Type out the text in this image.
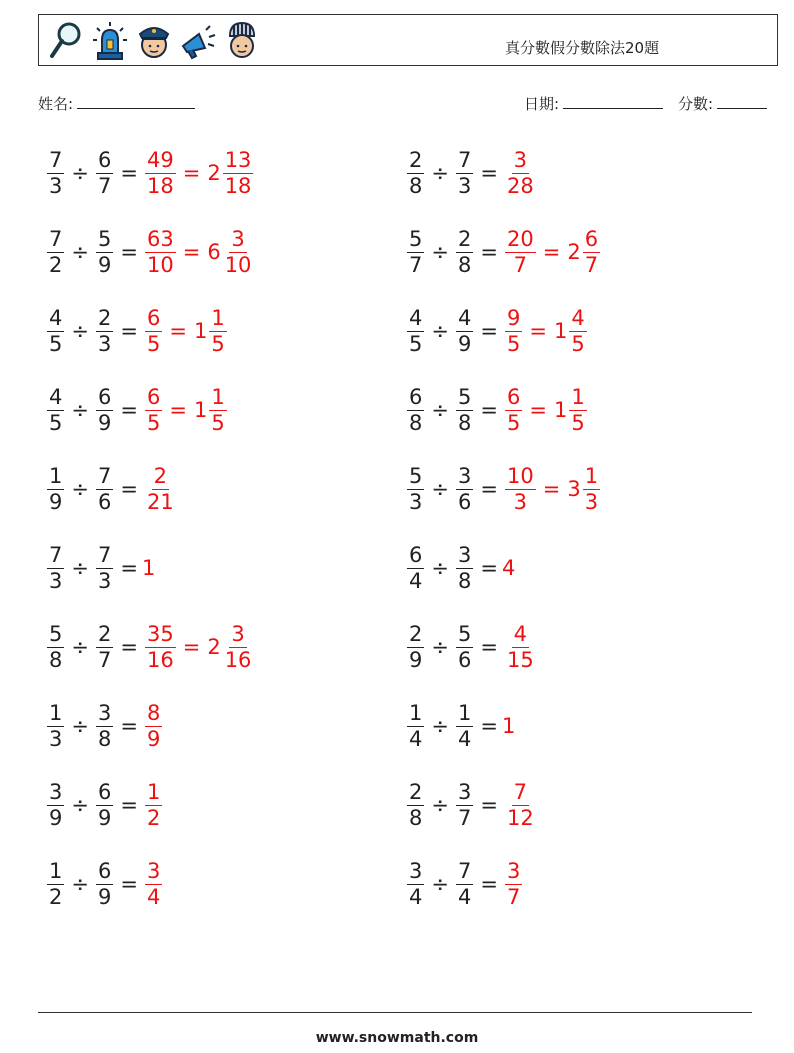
真分數假分數除法20題
姓名:	日期:	分數:
$\frac{7}{3} \div \frac{6}{7} = \frac{49}{18} = 2 \frac{13}{18}$	$\frac{2}{8} \div \frac{7}{3} = \frac{3}{28}$
$\frac{7}{2} \div \frac{5}{9} = \frac{63}{10} = 6 \frac{3}{10}$	$\frac{5}{7} \div \frac{2}{8} = \frac{20}{7} = 2 \frac{6}{7}$
$\frac{4}{5} \div \frac{2}{3} = \frac{6}{5} = 1 \frac{1}{5}$	$\frac{4}{5} \div \frac{4}{9} = \frac{9}{5} = 1 \frac{4}{5}$
$\frac{4}{5} \div \frac{6}{9} = \frac{6}{5} = 1 \frac{1}{5}$	$\frac{6}{8} \div \frac{5}{8} = \frac{6}{5} = 1 \frac{1}{5}$
$\frac{1}{9} \div \frac{7}{6} = \frac{2}{21}$	$\frac{5}{3} \div \frac{3}{6} = \frac{10}{3} = 3 \frac{1}{3}$
$\frac{7}{3} \div \frac{7}{3} = 1$	$\frac{6}{4} \div \frac{3}{8} = 4$
$\frac{5}{8} \div \frac{2}{7} = \frac{35}{16} = 2 \frac{3}{16}$	$\frac{2}{9} \div \frac{5}{6} = \frac{4}{15}$
$\frac{1}{3} \div \frac{3}{8} = \frac{8}{9}$	$\frac{1}{4} \div \frac{1}{4} = 1$
$\frac{3}{9} \div \frac{6}{9} = \frac{1}{2}$	$\frac{2}{8} \div \frac{3}{7} = \frac{7}{12}$
$\frac{1}{2} \div \frac{6}{9} = \frac{3}{4}$	$\frac{3}{4} \div \frac{7}{4} = \frac{3}{7}$
www.snowmath.com
